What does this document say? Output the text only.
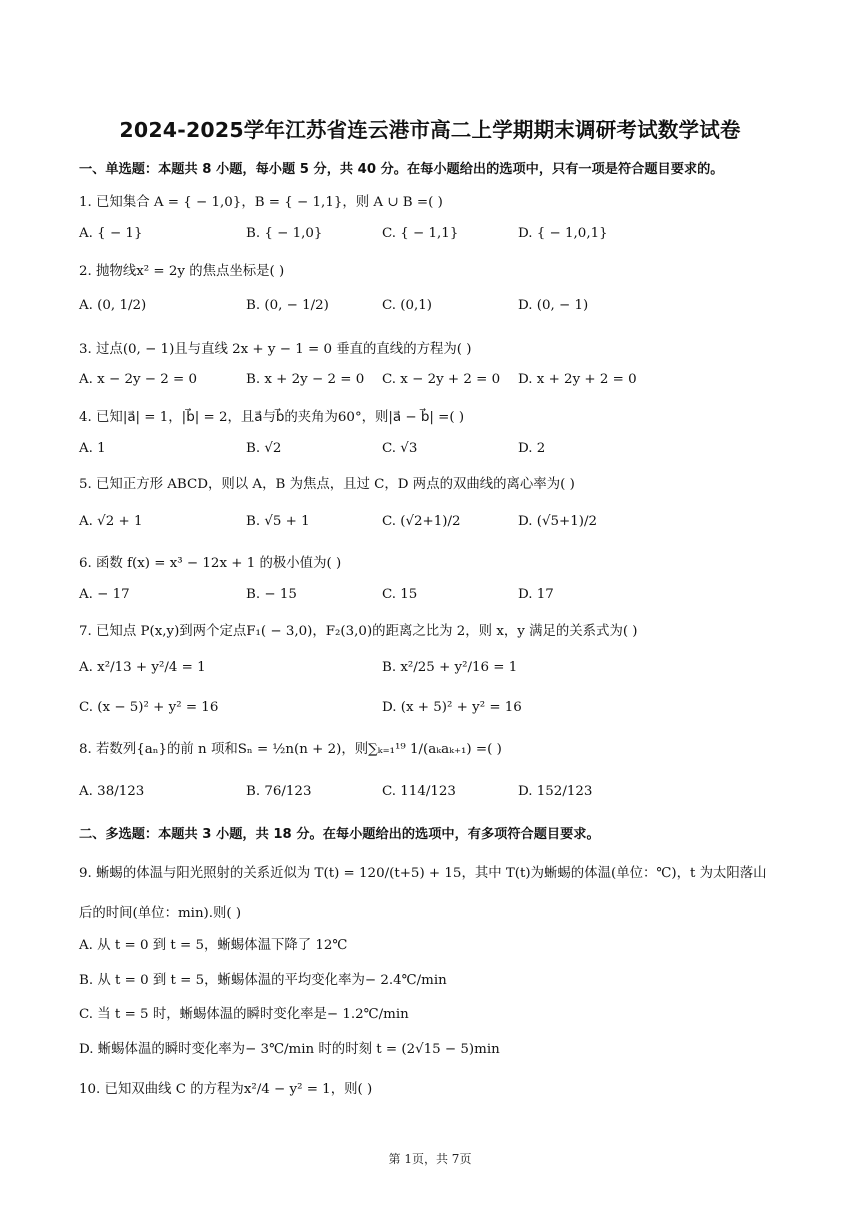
2024-2025学年江苏省连云港市高二上学期期末调研考试数学试卷
一、单选题：本题共 8 小题，每小题 5 分，共 40 分。在每小题给出的选项中，只有一项是符合题目要求的。
1. 已知集合 A = { − 1,0}，B = { − 1,1}，则 A ∪ B =( )
A. { − 1}	B. { − 1,0}	C. { − 1,1}	D. { − 1,0,1}
2. 抛物线x² = 2y 的焦点坐标是( )
A. (0, 1/2)	B. (0, − 1/2)	C. (0,1)	D. (0, − 1)
3. 过点(0, − 1)且与直线 2x + y − 1 = 0 垂直的直线的方程为( )
A. x − 2y − 2 = 0	B. x + 2y − 2 = 0 C. x − 2y + 2 = 0 D. x + 2y + 2 = 0
4. 已知|a⃗| = 1，|b⃗| = 2，且a⃗与b⃗的夹角为60°，则|a⃗ − b⃗| =( )
A. 1	B. √2	C. √3	D. 2
5. 已知正方形 ABCD，则以 A，B 为焦点，且过 C，D 两点的双曲线的离心率为( )
A. √2 + 1	B. √5 + 1	C. (√2+1)/2	D. (√5+1)/2
6. 函数 f(x) = x³ − 12x + 1 的极小值为( )
A. − 17	B. − 15	C. 15	D. 17
7. 已知点 P(x,y)到两个定点F₁( − 3,0)，F₂(3,0)的距离之比为 2，则 x，y 满足的关系式为( )
A. x²/13 + y²/4 = 1	B. x²/25 + y²/16 = 1
C. (x − 5)² + y² = 16	D. (x + 5)² + y² = 16
8. 若数列{aₙ}的前 n 项和Sₙ = ½n(n + 2)，则∑ₖ₌₁¹⁹ 1/(aₖaₖ₊₁) =( )
A. 38/123	B. 76/123	C. 114/123	D. 152/123
二、多选题：本题共 3 小题，共 18 分。在每小题给出的选项中，有多项符合题目要求。
9. 蜥蜴的体温与阳光照射的关系近似为 T(t) = 120/(t+5) + 15，其中 T(t)为蜥蜴的体温(单位：℃)，t 为太阳落山
后的时间(单位：min).则( )
A. 从 t = 0 到 t = 5，蜥蜴体温下降了 12℃
B. 从 t = 0 到 t = 5，蜥蜴体温的平均变化率为− 2.4℃/min
C. 当 t = 5 时，蜥蜴体温的瞬时变化率是− 1.2℃/min
D. 蜥蜴体温的瞬时变化率为− 3℃/min 时的时刻 t = (2√15 − 5)min
10. 已知双曲线 C 的方程为x²/4 − y² = 1，则( )
第 1页，共 7页
